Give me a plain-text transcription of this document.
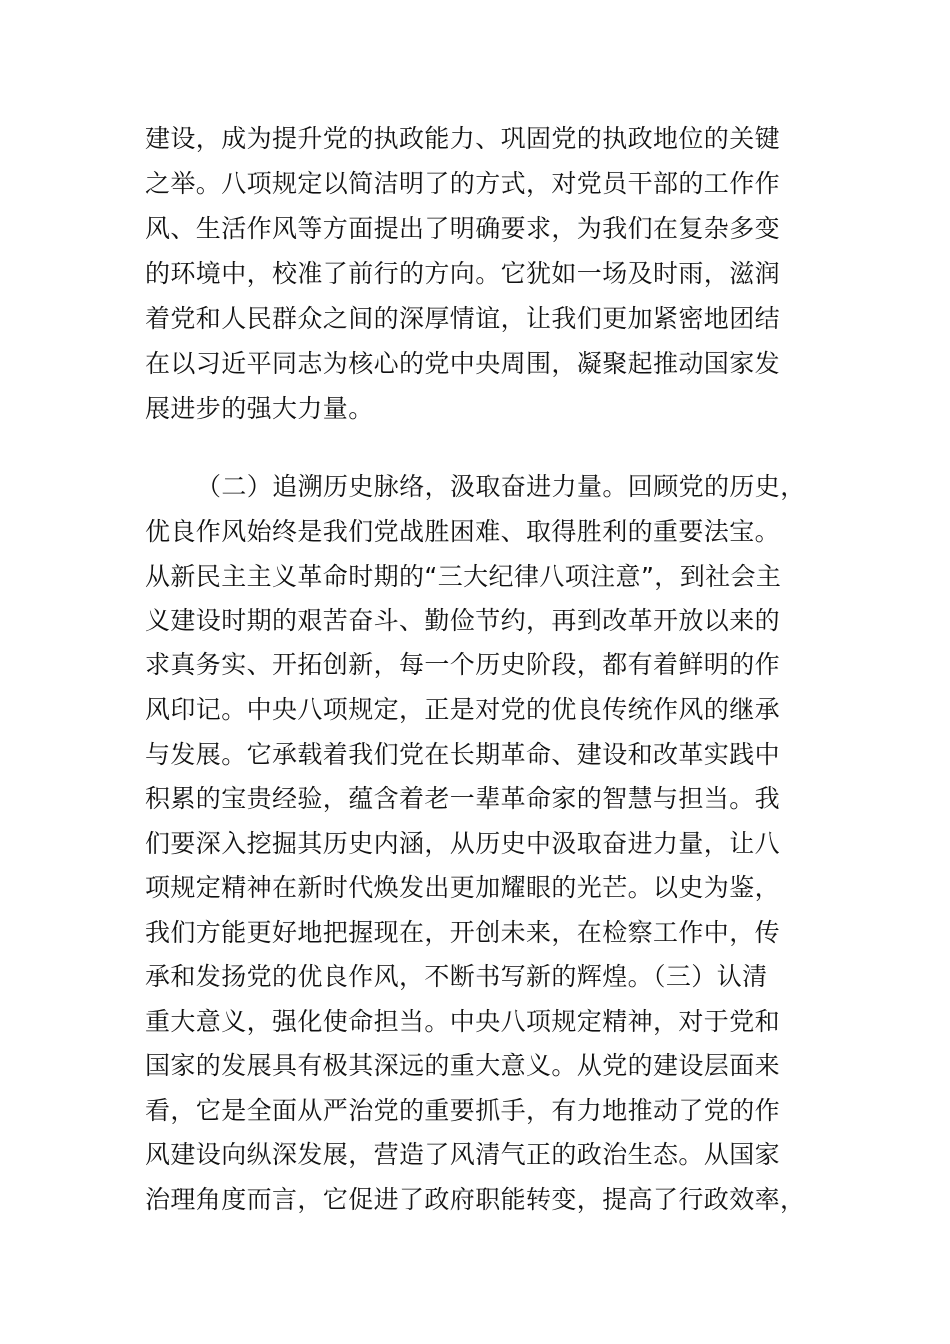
建设，成为提升党的执政能力、巩固党的执政地位的关键
之举。八项规定以简洁明了的方式，对党员干部的工作作
风、生活作风等方面提出了明确要求，为我们在复杂多变
的环境中，校准了前行的方向。它犹如一场及时雨，滋润
着党和人民群众之间的深厚情谊，让我们更加紧密地团结
在以习近平同志为核心的党中央周围，凝聚起推动国家发
展进步的强大力量。
（二）追溯历史脉络，汲取奋进力量。回顾党的历史，
优良作风始终是我们党战胜困难、取得胜利的重要法宝。
从新民主主义革命时期的“三大纪律八项注意”，到社会主
义建设时期的艰苦奋斗、勤俭节约，再到改革开放以来的
求真务实、开拓创新，每一个历史阶段，都有着鲜明的作
风印记。中央八项规定，正是对党的优良传统作风的继承
与发展。它承载着我们党在长期革命、建设和改革实践中
积累的宝贵经验，蕴含着老一辈革命家的智慧与担当。我
们要深入挖掘其历史内涵，从历史中汲取奋进力量，让八
项规定精神在新时代焕发出更加耀眼的光芒。以史为鉴，
我们方能更好地把握现在，开创未来，在检察工作中，传
承和发扬党的优良作风，不断书写新的辉煌。（三）认清
重大意义，强化使命担当。中央八项规定精神，对于党和
国家的发展具有极其深远的重大意义。从党的建设层面来
看，它是全面从严治党的重要抓手，有力地推动了党的作
风建设向纵深发展，营造了风清气正的政治生态。从国家
治理角度而言，它促进了政府职能转变，提高了行政效率，
